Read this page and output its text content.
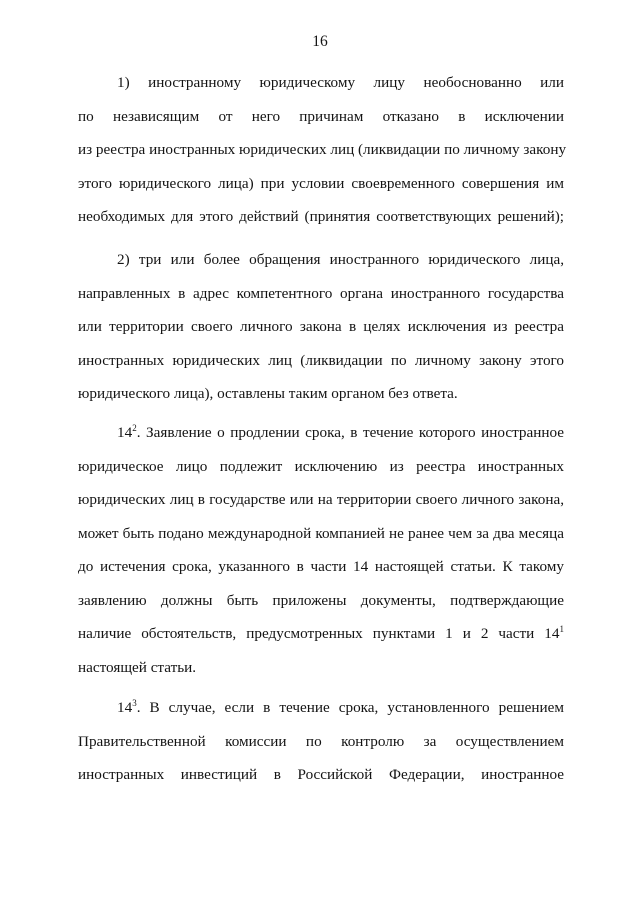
16
1) иностранному юридическому лицу необоснованно или
по независящим от него причинам отказано в исключении
из реестра иностранных юридических лиц (ликвидации по личному закону
этого юридического лица) при условии своевременного совершения им
необходимых для этого действий (принятия соответствующих решений);
2) три или более обращения иностранного юридического лица,
направленных в адрес компетентного органа иностранного государства
или территории своего личного закона в целях исключения из реестра
иностранных юридических лиц (ликвидации по личному закону этого
юридического лица), оставлены таким органом без ответа.
$14^2$. Заявление о продлении срока, в течение которого иностранное
юридическое лицо подлежит исключению из реестра иностранных
юридических лиц в государстве или на территории своего личного закона,
может быть подано международной компанией не ранее чем за два месяца
до истечения срока, указанного в части 14 настоящей статьи. К такому
заявлению должны быть приложены документы, подтверждающие
наличие обстоятельств, предусмотренных пунктами 1 и 2 части $14^1$
настоящей статьи.
$14^3$. В случае, если в течение срока, установленного решением
Правительственной комиссии по контролю за осуществлением
иностранных инвестиций в Российской Федерации, иностранное
